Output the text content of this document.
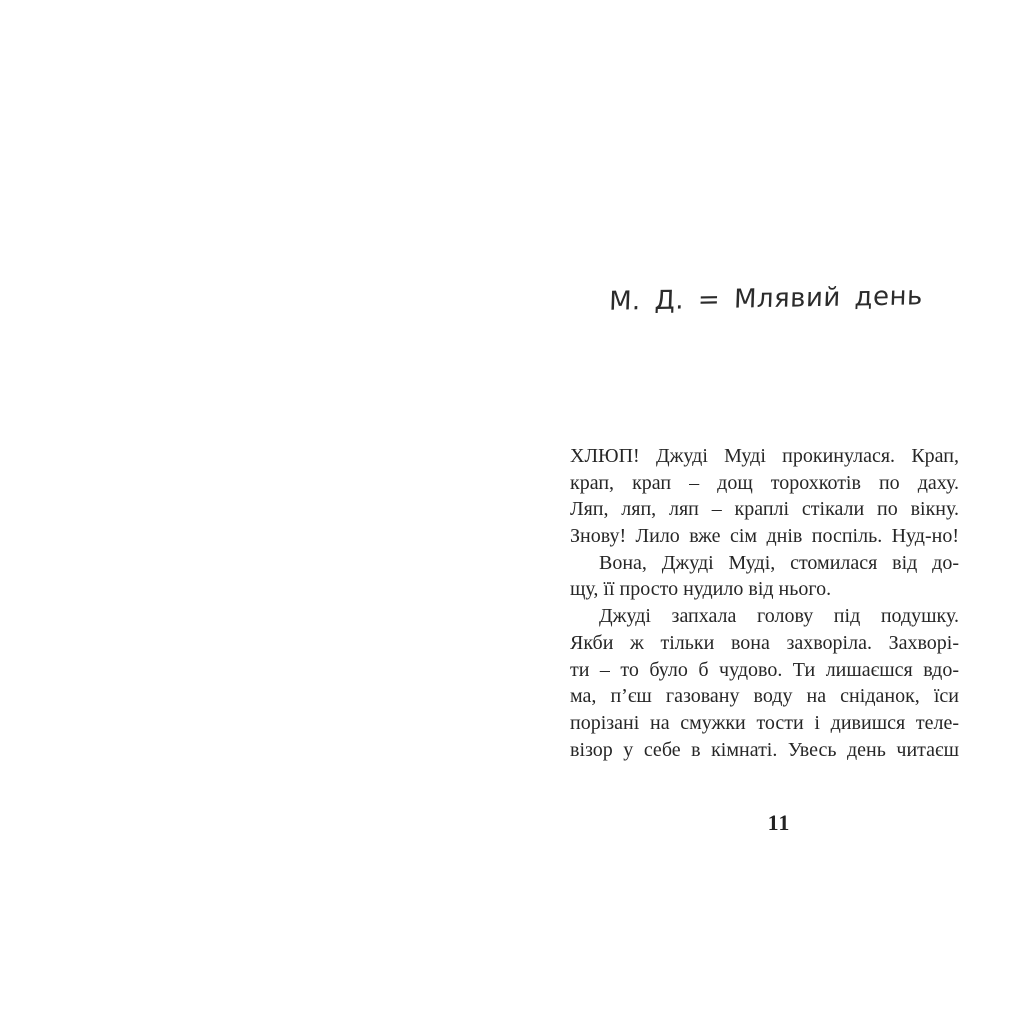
М. Д. = Млявий день
ХЛЮП! Джуді Муді прокинулася. Крап,
крап, крап – дощ торохкотів по даху.
Ляп, ляп, ляп – краплі стікали по вікну.
Знову! Лило вже сім днів поспіль. Нуд-но!
Вона, Джуді Муді, стомилася від до-
щу, її просто нудило від нього.
Джуді запхала голову під подушку.
Якби ж тільки вона захворіла. Захворі-
ти – то було б чудово. Ти лишаєшся вдо-
ма, п’єш газовану воду на сніданок, їси
порізані на смужки тости і дивишся теле-
візор у себе в кімнаті. Увесь день читаєш
11
